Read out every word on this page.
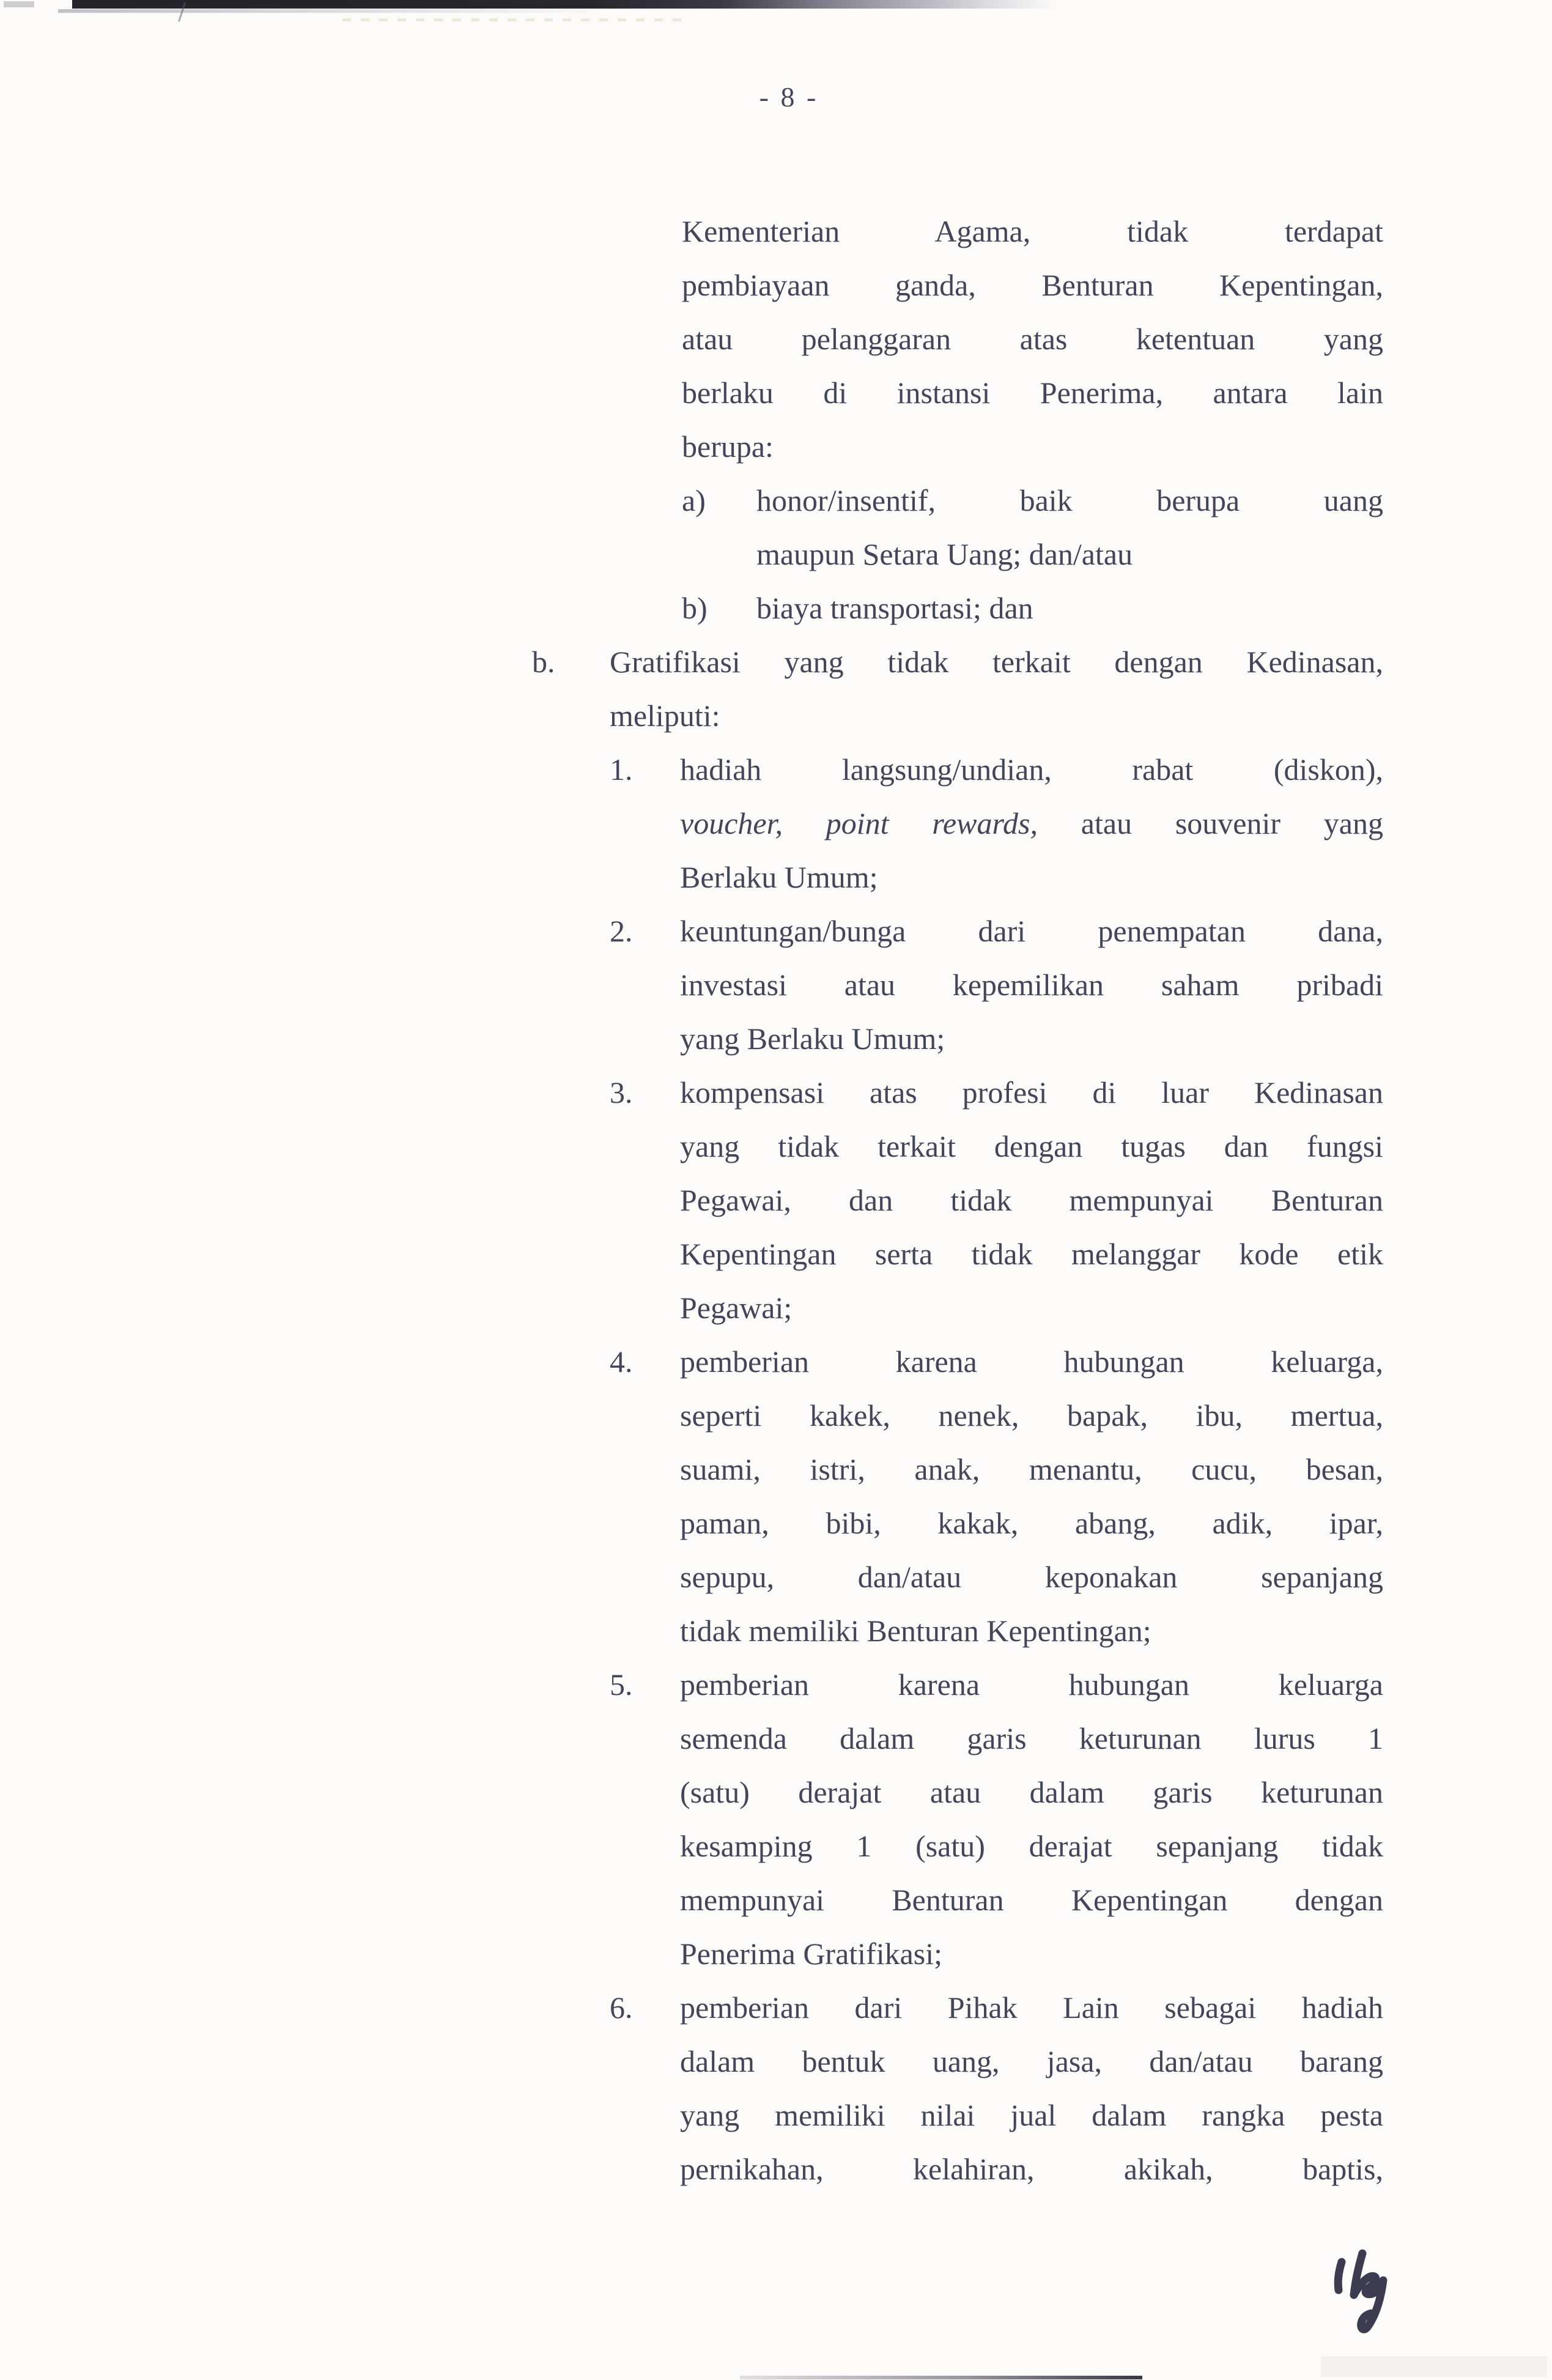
- 8 -
Kementerian Agama, tidak terdapat
pembiayaan ganda, Benturan Kepentingan,
atau pelanggaran atas ketentuan yang
berlaku di instansi Penerima, antara lain
berupa:
a)	honor/insentif, baik berupa uang
maupun Setara Uang; dan/atau
b)	biaya transportasi; dan
b.	Gratifikasi yang tidak terkait dengan Kedinasan,
meliputi:
1.	hadiah langsung/undian, rabat (diskon),
voucher, point rewards, atau souvenir yang
Berlaku Umum;
2.	keuntungan/bunga dari penempatan dana,
investasi atau kepemilikan saham pribadi
yang Berlaku Umum;
3.	kompensasi atas profesi di luar Kedinasan
yang tidak terkait dengan tugas dan fungsi
Pegawai, dan tidak mempunyai Benturan
Kepentingan serta tidak melanggar kode etik
Pegawai;
4.	pemberian karena hubungan keluarga,
seperti kakek, nenek, bapak, ibu, mertua,
suami, istri, anak, menantu, cucu, besan,
paman, bibi, kakak, abang, adik, ipar,
sepupu, dan/atau keponakan sepanjang
tidak memiliki Benturan Kepentingan;
5.	pemberian karena hubungan keluarga
semenda dalam garis keturunan lurus 1
(satu) derajat atau dalam garis keturunan
kesamping 1 (satu) derajat sepanjang tidak
mempunyai Benturan Kepentingan dengan
Penerima Gratifikasi;
6.	pemberian dari Pihak Lain sebagai hadiah
dalam bentuk uang, jasa, dan/atau barang
yang memiliki nilai jual dalam rangka pesta
pernikahan, kelahiran, akikah, baptis,
